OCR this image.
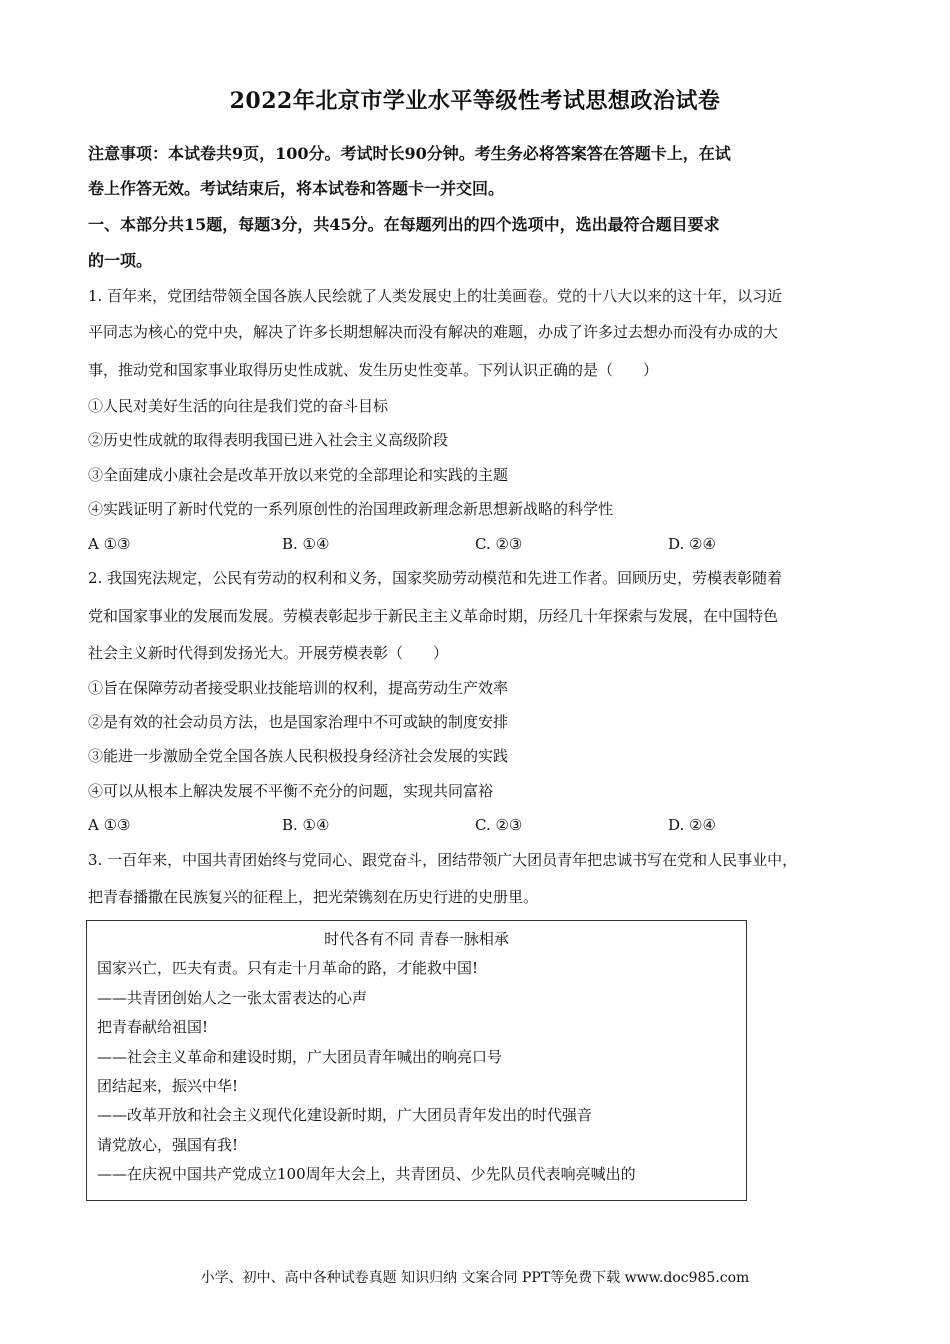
2022年北京市学业水平等级性考试思想政治试卷
注意事项：本试卷共9页，100分。考试时长90分钟。考生务必将答案答在答题卡上，在试
卷上作答无效。考试结束后，将本试卷和答题卡一并交回。
一、本部分共15题，每题3分，共45分。在每题列出的四个选项中，选出最符合题目要求
的一项。
1. 百年来，党团结带领全国各族人民绘就了人类发展史上的壮美画卷。党的十八大以来的这十年，以习近
平同志为核心的党中央，解决了许多长期想解决而没有解决的难题，办成了许多过去想办而没有办成的大
事，推动党和国家事业取得历史性成就、发生历史性变革。下列认识正确的是（　　）
①人民对美好生活的向往是我们党的奋斗目标
②历史性成就的取得表明我国已进入社会主义高级阶段
③全面建成小康社会是改革开放以来党的全部理论和实践的主题
④实践证明了新时代党的一系列原创性的治国理政新理念新思想新战略的科学性
A ①③	B. ①④	C. ②③	D. ②④
2. 我国宪法规定，公民有劳动的权利和义务，国家奖励劳动模范和先进工作者。回顾历史，劳模表彰随着
党和国家事业的发展而发展。劳模表彰起步于新民主主义革命时期，历经几十年探索与发展，在中国特色
社会主义新时代得到发扬光大。开展劳模表彰（　　）
①旨在保障劳动者接受职业技能培训的权利，提高劳动生产效率
②是有效的社会动员方法，也是国家治理中不可或缺的制度安排
③能进一步激励全党全国各族人民积极投身经济社会发展的实践
④可以从根本上解决发展不平衡不充分的问题，实现共同富裕
A ①③	B. ①④	C. ②③	D. ②④
3. 一百年来，中国共青团始终与党同心、跟党奋斗，团结带领广大团员青年把忠诚书写在党和人民事业中，
把青春播撒在民族复兴的征程上，把光荣镌刻在历史行进的史册里。
时代各有不同 青春一脉相承
国家兴亡，匹夫有责。只有走十月革命的路，才能救中国!
——共青团创始人之一张太雷表达的心声
把青春献给祖国!
——社会主义革命和建设时期，广大团员青年喊出的响亮口号
团结起来，振兴中华!
——改革开放和社会主义现代化建设新时期，广大团员青年发出的时代强音
请党放心，强国有我!
——在庆祝中国共产党成立100周年大会上，共青团员、少先队员代表响亮喊出的
小学、初中、高中各种试卷真题 知识归纳 文案合同 PPT等免费下载 www.doc985.com
